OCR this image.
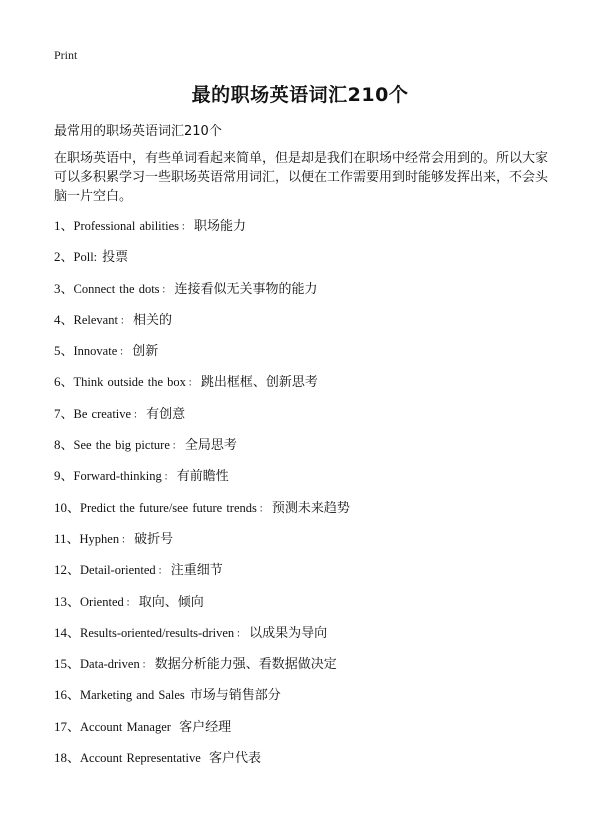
Print
最的职场英语词汇210个

最常用的职场英语词汇210个

在职场英语中，有些单词看起来简单，但是却是我们在职场中经常会用到的。所以大家可以多积累学习一些职场英语常用词汇，以便在工作需要用到时能够发挥出来，不会头脑一片空白。

1、Professional abilities ： 职场能力
2、Poll: 投票
3、Connect the dots ： 连接看似无关事物的能力
4、Relevant ： 相关的
5、Innovate ： 创新
6、Think outside the box ： 跳出框框、创新思考
7、Be creative ： 有创意
8、See the big picture ： 全局思考
9、Forward-thinking ： 有前瞻性
10、Predict the future/see future trends ： 预测未来趋势
11、Hyphen ： 破折号
12、Detail-oriented ： 注重细节
13、Oriented ： 取向、倾向
14、Results-oriented/results-driven ： 以成果为导向
15、Data-driven ： 数据分析能力强、看数据做决定
16、Marketing and Sales 市场与销售部分
17、Account Manager 客户经理
18、Account Representative 客户代表
